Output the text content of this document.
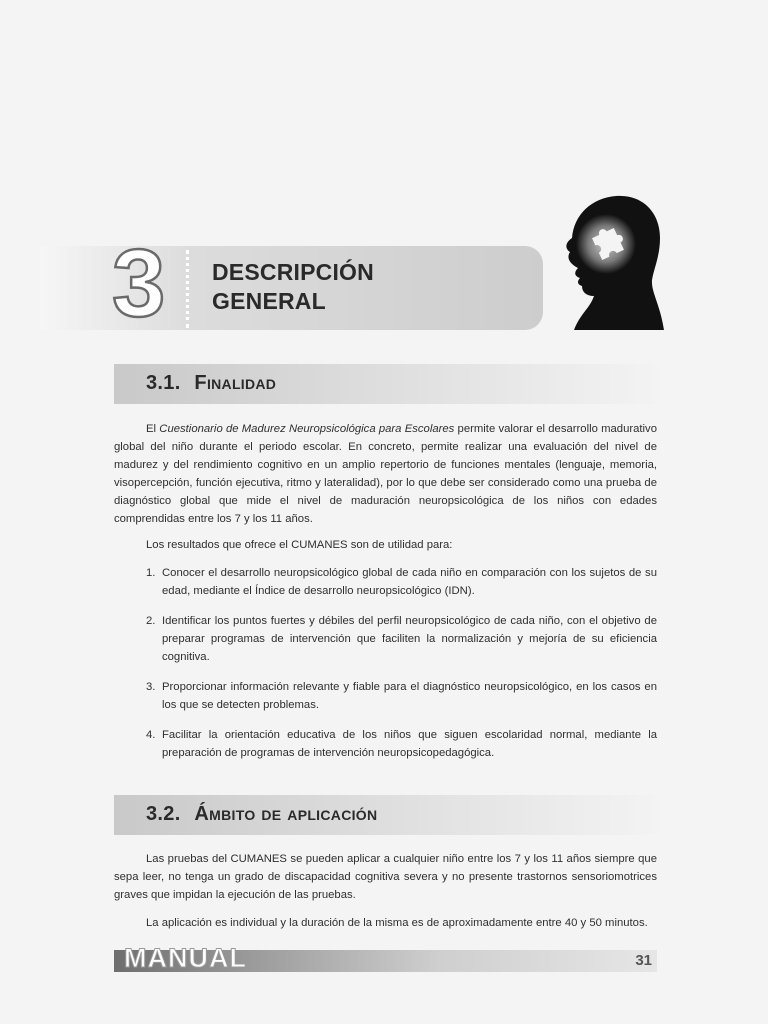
3 DESCRIPCIÓN
GENERAL
3.1. Finalidad

El Cuestionario de Madurez Neuropsicológica para Escolares permite valorar el desarrollo madurativo global del niño durante el periodo escolar. En concreto, permite realizar una evaluación del nivel de madurez y del rendimiento cognitivo en un amplio repertorio de funciones mentales (lenguaje, memoria, visopercepción, función ejecutiva, ritmo y lateralidad), por lo que debe ser considerado como una prueba de diagnóstico global que mide el nivel de maduración neuropsicológica de los niños con edades comprendidas entre los 7 y los 11 años.

Los resultados que ofrece el CUMANES son de utilidad para:

1. Conocer el desarrollo neuropsicológico global de cada niño en comparación con los sujetos de su edad, mediante el Índice de desarrollo neuropsicológico (IDN).
2. Identificar los puntos fuertes y débiles del perfil neuropsicológico de cada niño, con el objetivo de preparar programas de intervención que faciliten la normalización y mejoría de su eficiencia cognitiva.
3. Proporcionar información relevante y fiable para el diagnóstico neuropsicológico, en los casos en los que se detecten problemas.
4. Facilitar la orientación educativa de los niños que siguen escolaridad normal, mediante la preparación de programas de intervención neuropsicopedagógica.
3.2. Ámbito de aplicación

Las pruebas del CUMANES se pueden aplicar a cualquier niño entre los 7 y los 11 años siempre que sepa leer, no tenga un grado de discapacidad cognitiva severa y no presente trastornos sensoriomotrices graves que impidan la ejecución de las pruebas.

La aplicación es individual y la duración de la misma es de aproximadamente entre 40 y 50 minutos.

MANUAL	31
